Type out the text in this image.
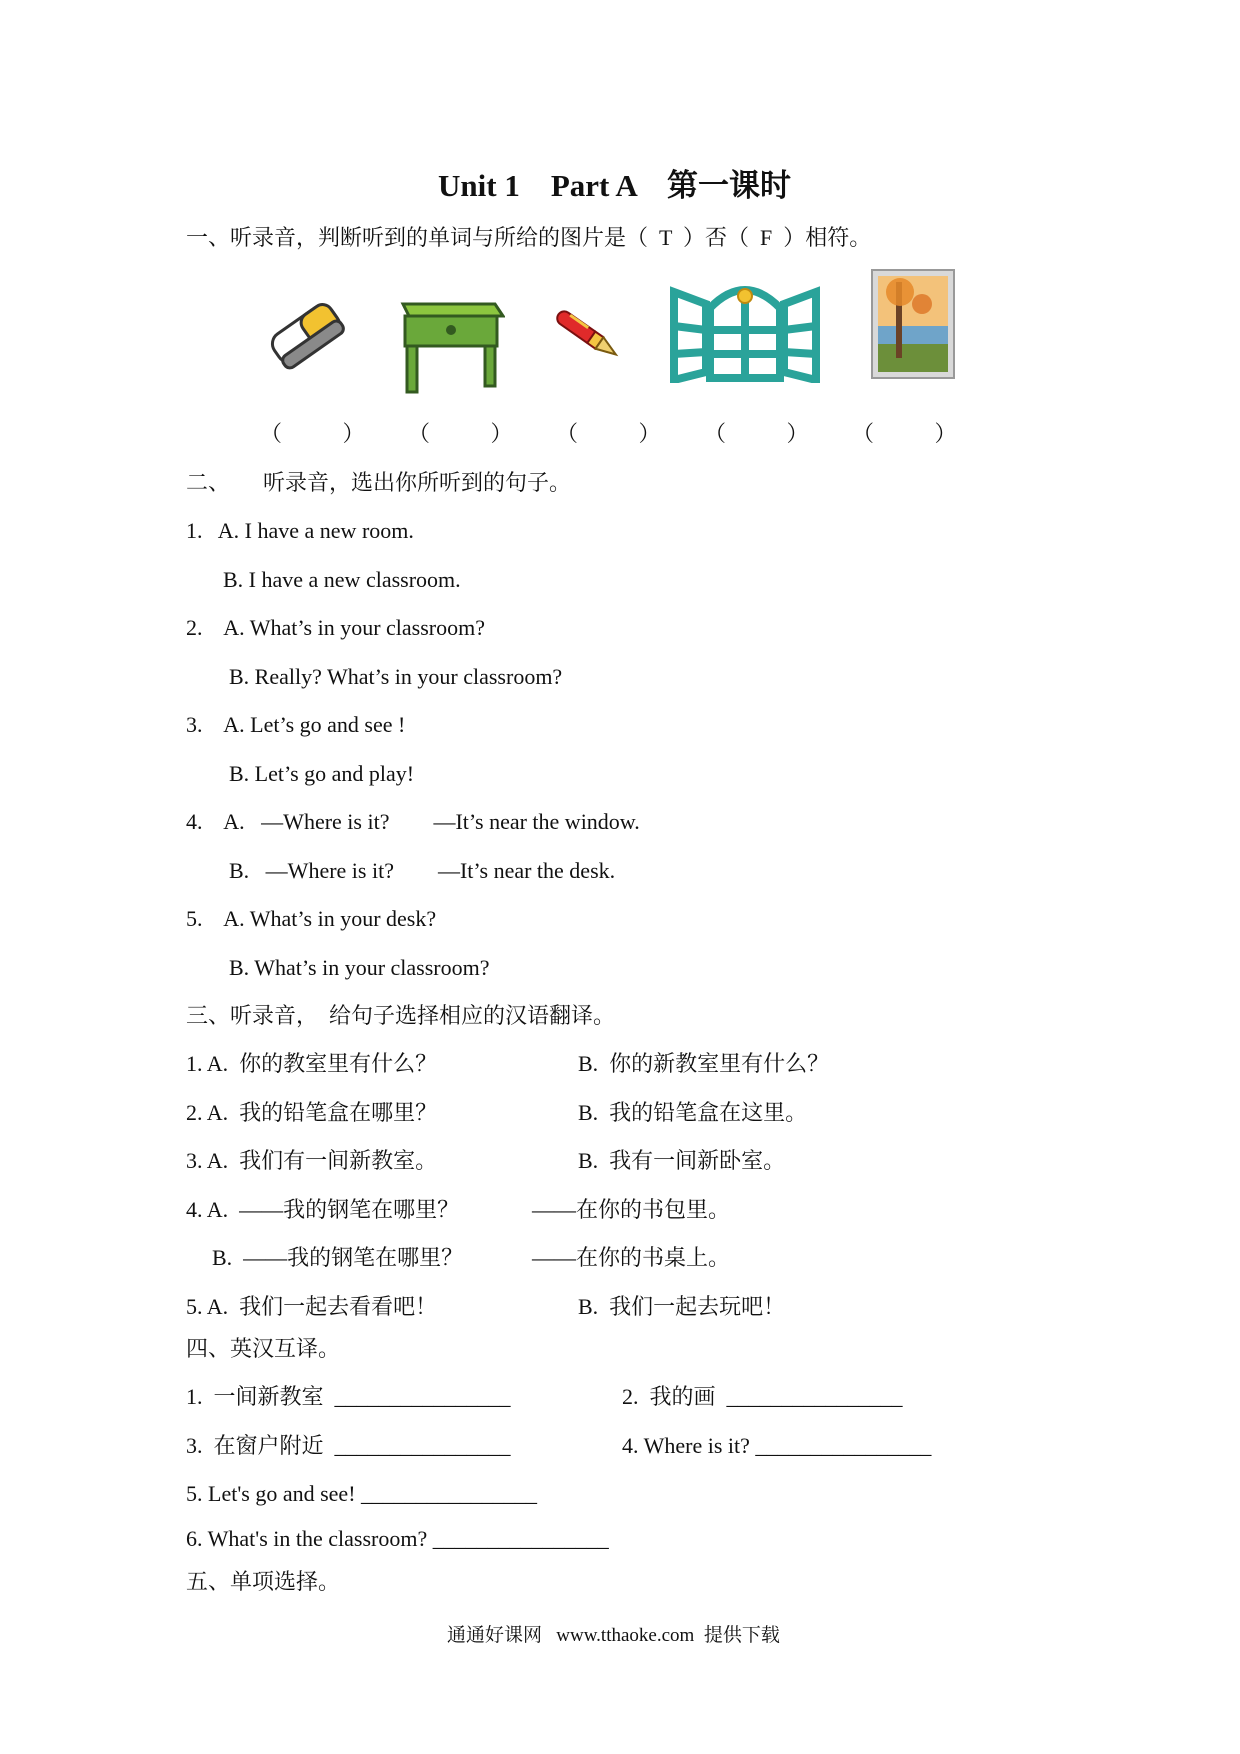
Unit 1    Part A    第一课时
一、听录音，判断听到的单词与所给的图片是（  T  ）否（  F  ）相符。
（           ） （           ） （           ） （           ） （           ）
二、      听录音，选出你所听到的句子。
1.   A. I have a new room.
B. I have a new classroom.
2.    A. What’s in your classroom?
B. Really? What’s in your classroom?
3.    A. Let’s go and see !
B. Let’s go and play!
4.    A.   —Where is it?        —It’s near the window.
B.   —Where is it?        —It’s near the desk.
5.    A. What’s in your desk?
B. What’s in your classroom?
三、听录音，  给句子选择相应的汉语翻译。
1. A.  你的教室里有什么？	B.  你的新教室里有什么？
2. A.  我的铅笔盒在哪里？	B.  我的铅笔盒在这里。
3. A.  我们有一间新教室。	B.  我有一间新卧室。
4. A.  ——我的钢笔在哪里？	——在你的书包里。
B.  ——我的钢笔在哪里？	——在你的书桌上。
5. A.  我们一起去看看吧！	B.  我们一起去玩吧！
四、英汉互译。
1.  一间新教室  ________________	2.  我的画  ________________
3.  在窗户附近  ________________	4. Where is it? ________________
5. Let's go and see! ________________
6. What's in the classroom? ________________
五、单项选择。
通通好课网   www.tthaoke.com  提供下载
